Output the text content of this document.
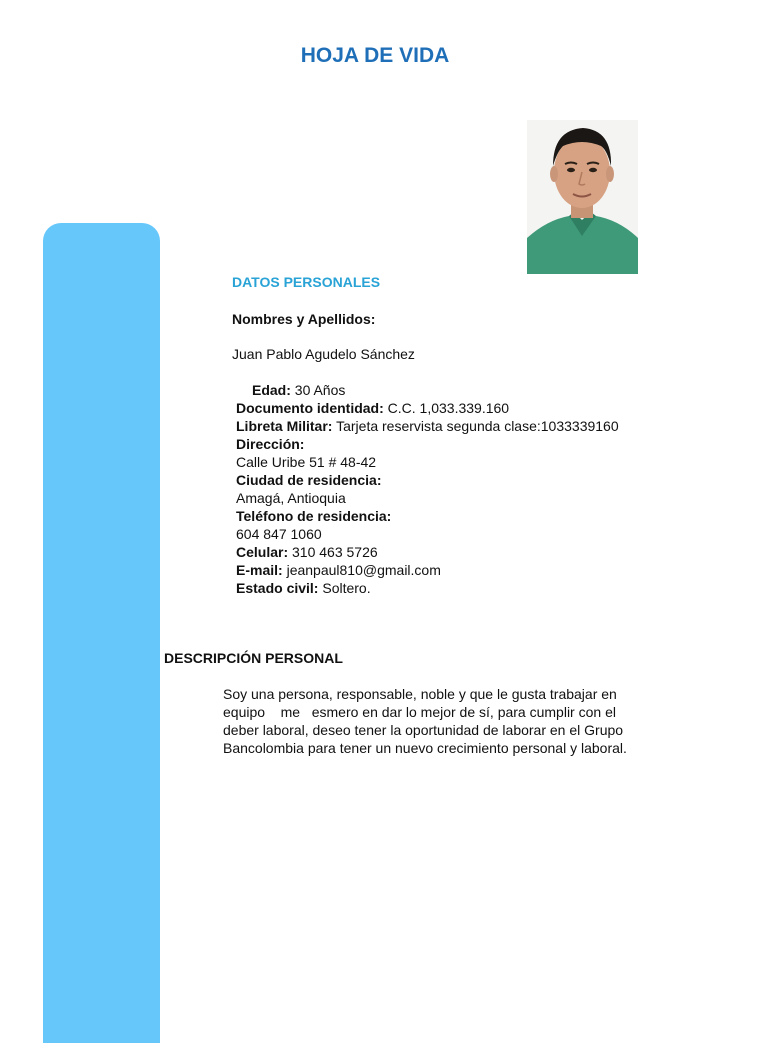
HOJA DE VIDA
DATOS PERSONALES
Nombres y Apellidos:
Juan Pablo Agudelo Sánchez
Edad: 30 Años
Documento identidad: C.C. 1,033.339.160
Libreta Militar: Tarjeta reservista segunda clase:1033339160
Dirección:
Calle Uribe 51 # 48-42
Ciudad de residencia:
Amagá, Antioquia
Teléfono de residencia:
604 847 1060
Celular: 310 463 5726
E-mail: jeanpaul810@gmail.com
Estado civil: Soltero.
DESCRIPCIÓN PERSONAL
Soy una persona, responsable, noble y que le gusta trabajar en
equipo    me   esmero en dar lo mejor de sí, para cumplir con el
deber laboral, deseo tener la oportunidad de laborar en el Grupo
Bancolombia para tener un nuevo crecimiento personal y laboral.
